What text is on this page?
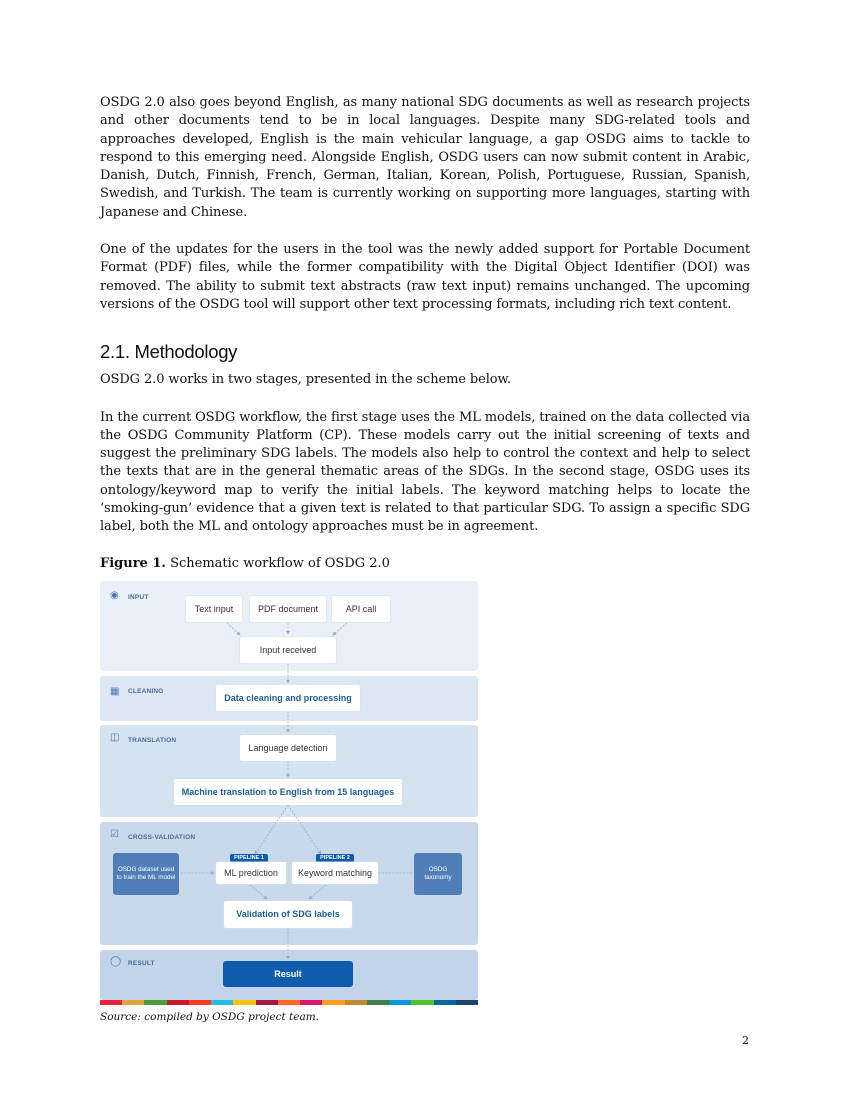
OSDG 2.0 also goes beyond English, as many national SDG documents as well as research projects and other documents tend to be in local languages. Despite many SDG-related tools and approaches developed, English is the main vehicular language, a gap OSDG aims to tackle to respond to this emerging need. Alongside English, OSDG users can now submit content in Arabic, Danish, Dutch, Finnish, French, German, Italian, Korean, Polish, Portuguese, Russian, Spanish, Swedish, and Turkish. The team is currently working on supporting more languages, starting with Japanese and Chinese.

One of the updates for the users in the tool was the newly added support for Portable Document Format (PDF) files, while the former compatibility with the Digital Object Identifier (DOI) was removed. The ability to submit text abstracts (raw text input) remains unchanged. The upcoming versions of the OSDG tool will support other text processing formats, including rich text content.

2.1. Methodology

OSDG 2.0 works in two stages, presented in the scheme below.

In the current OSDG workflow, the first stage uses the ML models, trained on the data collected via the OSDG Community Platform (CP). These models carry out the initial screening of texts and suggest the preliminary SDG labels. The models also help to control the context and help to select the texts that are in the general thematic areas of the SDGs. In the second stage, OSDG uses its ontology/keyword map to verify the initial labels. The keyword matching helps to locate the ‘smoking-gun’ evidence that a given text is related to that particular SDG. To assign a specific SDG label, both the ML and ontology approaches must be in agreement.

Figure 1. Schematic workflow of OSDG 2.0
◉ INPUT
▦ CLEANING
◫ TRANSLATION
☑ CROSS-VALIDATION
◯ RESULT
Text input	PDF document	API call
Input received
Data cleaning and processing
Language detection
Machine translation to English from 15 languages
OSDG dataset used to train the ML model
PIPELINE 1
ML prediction
PIPELINE 2
Keyword matching	OSDG taxonomy
Validation of SDG labels
Result
Source: compiled by OSDG project team.
2
